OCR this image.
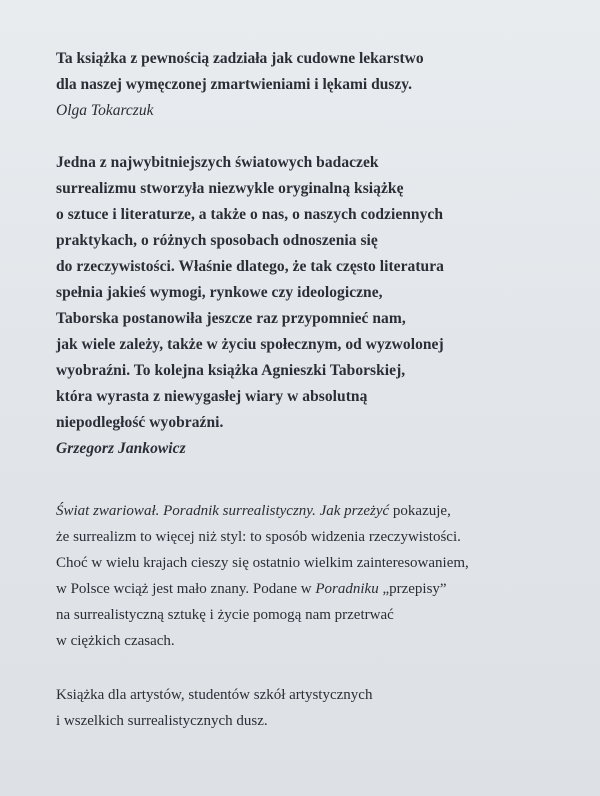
Ta książka z pewnością zadziała jak cudowne lekarstwo
dla naszej wymęczonej zmartwieniami i lękami duszy.
Olga Tokarczuk
Jedna z najwybitniejszych światowych badaczek
surrealizmu stworzyła niezwykle oryginalną książkę
o sztuce i literaturze, a także o nas, o naszych codziennych
praktykach, o różnych sposobach odnoszenia się
do rzeczywistości. Właśnie dlatego, że tak często literatura
spełnia jakieś wymogi, rynkowe czy ideologiczne,
Taborska postanowiła jeszcze raz przypomnieć nam,
jak wiele zależy, także w życiu społecznym, od wyzwolonej
wyobraźni. To kolejna książka Agnieszki Taborskiej,
która wyrasta z niewygasłej wiary w absolutną
niepodległość wyobraźni.
Grzegorz Jankowicz
Świat zwariował. Poradnik surrealistyczny. Jak przeżyć pokazuje,
że surrealizm to więcej niż styl: to sposób widzenia rzeczywistości.
Choć w wielu krajach cieszy się ostatnio wielkim zainteresowaniem,
w Polsce wciąż jest mało znany. Podane w Poradniku „przepisy”
na surrealistyczną sztukę i życie pomogą nam przetrwać
w ciężkich czasach.
Książka dla artystów, studentów szkół artystycznych
i wszelkich surrealistycznych dusz.
